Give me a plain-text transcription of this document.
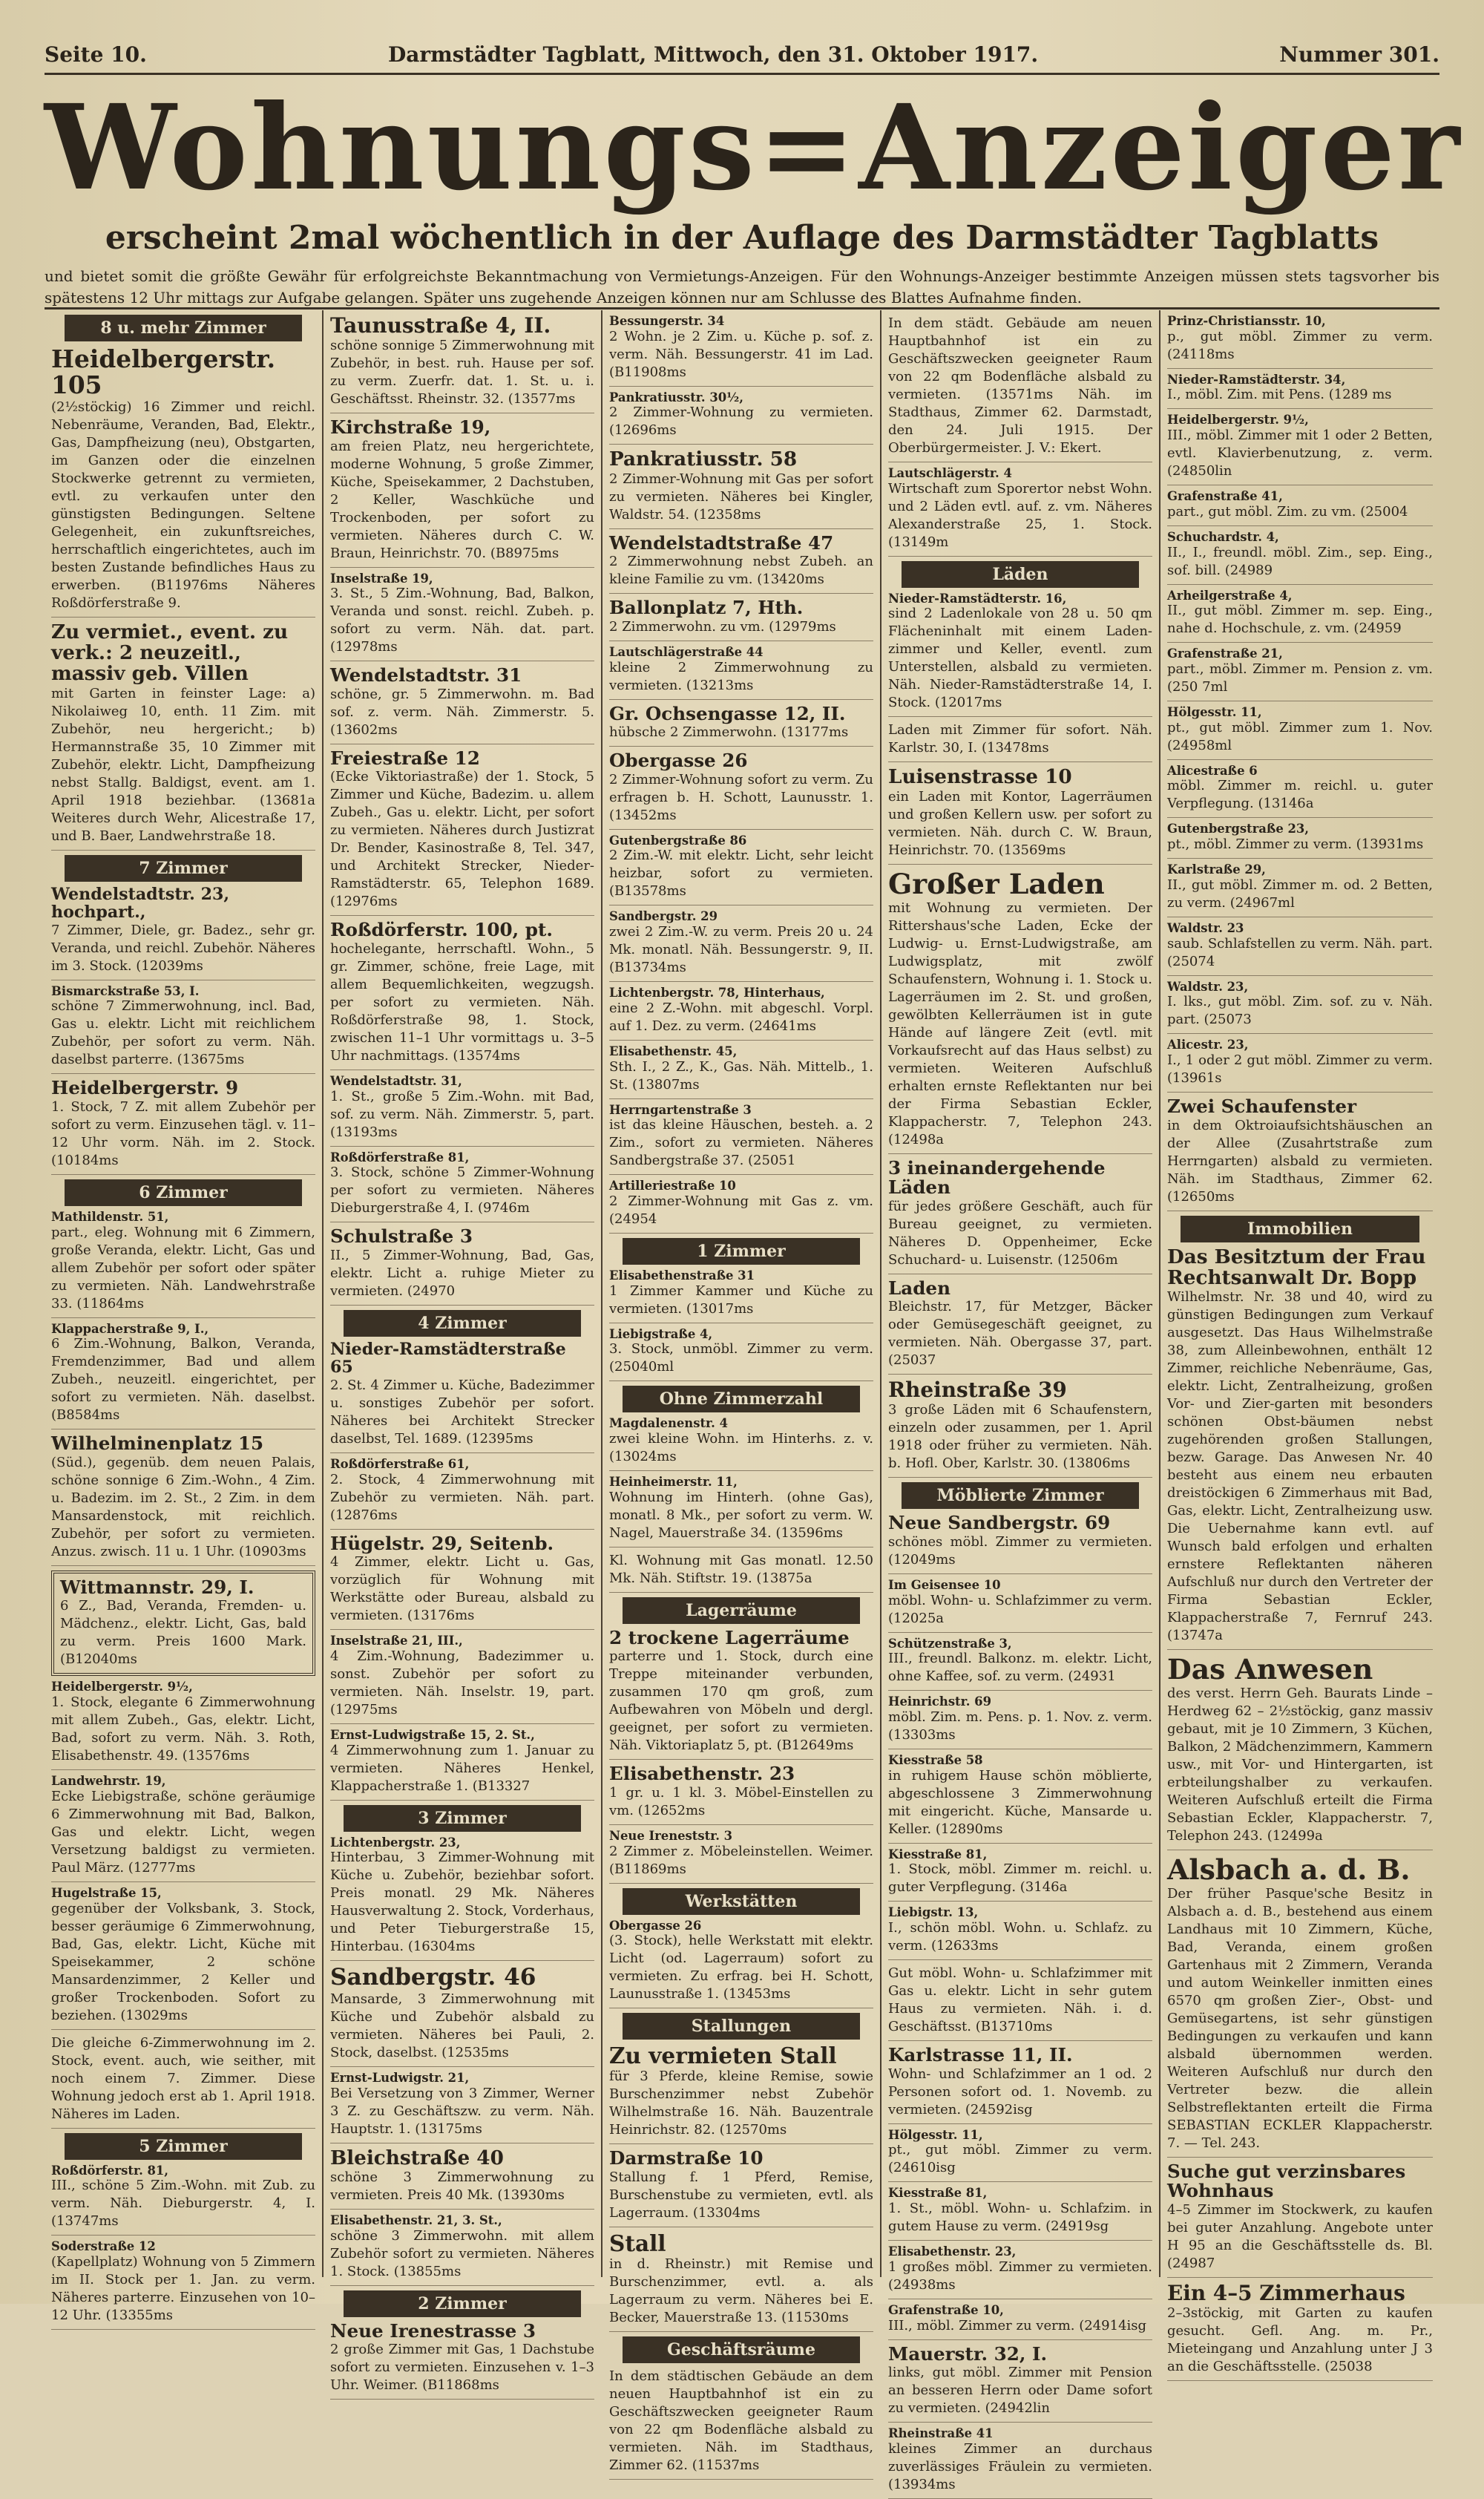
Seite 10.	Darmstädter Tagblatt, Mittwoch, den 31. Oktober 1917.	Nummer 301.
Wohnungs=Anzeiger
erscheint 2mal wöchentlich in der Auflage des Darmstädter Tagblatts
und bietet somit die größte Gewähr für erfolgreichste Bekanntmachung von Vermietungs-Anzeigen. Für den Wohnungs-Anzeiger bestimmte Anzeigen müssen stets tagsvorher bis spätestens 12 Uhr mittags zur Aufgabe gelangen. Später uns zugehende Anzeigen können nur am Schlusse des Blattes Aufnahme finden.
8 u. mehr Zimmer
Heidelbergerstr. 105
(2½stöckig) 16 Zimmer und reichl. Nebenräume, Veranden, Bad, Elektr., Gas, Dampfheizung (neu), Obstgarten, im Ganzen oder die einzelnen Stockwerke getrennt zu vermieten, evtl. zu verkaufen unter den günstigsten Bedingungen. Seltene Gelegenheit, ein zukunftsreiches, herrschaftlich eingerichtetes, auch im besten Zustande befindliches Haus zu erwerben. (B11976ms Näheres Roßdörferstraße 9.
Zu vermiet., event. zu verk.: 2 neuzeitl., massiv geb. Villen
mit Garten in feinster Lage: a) Nikolaiweg 10, enth. 11 Zim. mit Zubehör, neu hergericht.; b) Hermannstraße 35, 10 Zimmer mit Zubehör, elektr. Licht, Dampfheizung nebst Stallg. Baldigst, event. am 1. April 1918 beziehbar. (13681a Weiteres durch Wehr, Alicestraße 17, und B. Baer, Landwehrstraße 18.
7 Zimmer
Wendelstadtstr. 23, hochpart.,
7 Zimmer, Diele, gr. Badez., sehr gr. Veranda, und reichl. Zubehör. Näheres im 3. Stock. (12039ms
Bismarckstraße 53, I.
schöne 7 Zimmerwohnung, incl. Bad, Gas u. elektr. Licht mit reichlichem Zubehör, per sofort zu verm. Näh. daselbst parterre. (13675ms
Heidelbergerstr. 9
1. Stock, 7 Z. mit allem Zubehör per sofort zu verm. Einzusehen tägl. v. 11–12 Uhr vorm. Näh. im 2. Stock. (10184ms
6 Zimmer
Mathildenstr. 51,
part., eleg. Wohnung mit 6 Zimmern, große Veranda, elektr. Licht, Gas und allem Zubehör per sofort oder später zu vermieten. Näh. Landwehrstraße 33. (11864ms
Klappacherstraße 9, I.,
6 Zim.-Wohnung, Balkon, Veranda, Fremdenzimmer, Bad und allem Zubeh., neuzeitl. eingerichtet, per sofort zu vermieten. Näh. daselbst. (B8584ms
Wilhelminenplatz 15
(Süd.), gegenüb. dem neuen Palais, schöne sonnige 6 Zim.-Wohn., 4 Zim. u. Badezim. im 2. St., 2 Zim. in dem Mansardenstock, mit reichlich. Zubehör, per sofort zu vermieten. Anzus. zwisch. 11 u. 1 Uhr. (10903ms
Wittmannstr. 29, I.
6 Z., Bad, Veranda, Fremden- u. Mädchenz., elektr. Licht, Gas, bald zu verm. Preis 1600 Mark. (B12040ms
Heidelbergerstr. 9½,
1. Stock, elegante 6 Zimmerwohnung mit allem Zubeh., Gas, elektr. Licht, Bad, sofort zu verm. Näh. 3. Roth, Elisabethenstr. 49. (13576ms
Landwehrstr. 19,
Ecke Liebigstraße, schöne geräumige 6 Zimmerwohnung mit Bad, Balkon, Gas und elektr. Licht, wegen Versetzung baldigst zu vermieten. Paul März. (12777ms
Hugelstraße 15,
gegenüber der Volksbank, 3. Stock, besser geräumige 6 Zimmerwohnung, Bad, Gas, elektr. Licht, Küche mit Speisekammer, 2 schöne Mansardenzimmer, 2 Keller und großer Trockenboden. Sofort zu beziehen. (13029ms
Die gleiche 6-Zimmerwohnung im 2. Stock, event. auch, wie seither, mit noch einem 7. Zimmer. Diese Wohnung jedoch erst ab 1. April 1918. Näheres im Laden.
5 Zimmer
Roßdörferstr. 81,
III., schöne 5 Zim.-Wohn. mit Zub. zu verm. Näh. Dieburgerstr. 4, I. (13747ms
Soderstraße 12
(Kapellplatz) Wohnung von 5 Zimmern im II. Stock per 1. Jan. zu verm. Näheres parterre. Einzusehen von 10–12 Uhr. (13355ms
Taunusstraße 4, II.
schöne sonnige 5 Zimmerwohnung mit Zubehör, in best. ruh. Hause per sof. zu verm. Zuerfr. dat. 1. St. u. i. Geschäftsst. Rheinstr. 32. (13577ms
Kirchstraße 19,
am freien Platz, neu hergerichtete, moderne Wohnung, 5 große Zimmer, Küche, Speisekammer, 2 Dachstuben, 2 Keller, Waschküche und Trockenboden, per sofort zu vermieten. Näheres durch C. W. Braun, Heinrichstr. 70. (B8975ms
Inselstraße 19,
3. St., 5 Zim.-Wohnung, Bad, Balkon, Veranda und sonst. reichl. Zubeh. p. sofort zu verm. Näh. dat. part. (12978ms
Wendelstadtstr. 31
schöne, gr. 5 Zimmerwohn. m. Bad sof. z. verm. Näh. Zimmerstr. 5. (13602ms
Freiestraße 12
(Ecke Viktoriastraße) der 1. Stock, 5 Zimmer und Küche, Badezim. u. allem Zubeh., Gas u. elektr. Licht, per sofort zu vermieten. Näheres durch Justizrat Dr. Bender, Kasinostraße 8, Tel. 347, und Architekt Strecker, Nieder-Ramstädterstr. 65, Telephon 1689. (12976ms
Roßdörferstr. 100, pt.
hochelegante, herrschaftl. Wohn., 5 gr. Zimmer, schöne, freie Lage, mit allem Bequemlichkeiten, wegzugsh. per sofort zu vermieten. Näh. Roßdörferstraße 98, 1. Stock, zwischen 11–1 Uhr vormittags u. 3–5 Uhr nachmittags. (13574ms
Wendelstadtstr. 31,
1. St., große 5 Zim.-Wohn. mit Bad, sof. zu verm. Näh. Zimmerstr. 5, part. (13193ms
Roßdörferstraße 81,
3. Stock, schöne 5 Zimmer-Wohnung per sofort zu vermieten. Näheres Dieburgerstraße 4, I. (9746m
Schulstraße 3
II., 5 Zimmer-Wohnung, Bad, Gas, elektr. Licht a. ruhige Mieter zu vermieten. (24970
4 Zimmer
Nieder-Ramstädterstraße 65
2. St. 4 Zimmer u. Küche, Badezimmer u. sonstiges Zubehör per sofort. Näheres bei Architekt Strecker daselbst, Tel. 1689. (12395ms
Roßdörferstraße 61,
2. Stock, 4 Zimmerwohnung mit Zubehör zu vermieten. Näh. part. (12876ms
Hügelstr. 29, Seitenb.
4 Zimmer, elektr. Licht u. Gas, vorzüglich für Wohnung mit Werkstätte oder Bureau, alsbald zu vermieten. (13176ms
Inselstraße 21, III.,
4 Zim.-Wohnung, Badezimmer u. sonst. Zubehör per sofort zu vermieten. Näh. Inselstr. 19, part. (12975ms
Ernst-Ludwigstraße 15, 2. St.,
4 Zimmerwohnung zum 1. Januar zu vermieten. Näheres Henkel, Klappacherstraße 1. (B13327
3 Zimmer
Lichtenbergstr. 23,
Hinterbau, 3 Zimmer-Wohnung mit Küche u. Zubehör, beziehbar sofort. Preis monatl. 29 Mk. Näheres Hausverwaltung 2. Stock, Vorderhaus, und Peter Tieburgerstraße 15, Hinterbau. (16304ms
Sandbergstr. 46
Mansarde, 3 Zimmerwohnung mit Küche und Zubehör alsbald zu vermieten. Näheres bei Pauli, 2. Stock, daselbst. (12535ms
Ernst-Ludwigstr. 21,
Bei Versetzung von 3 Zimmer, Werner 3 Z. zu Geschäftszw. zu verm. Näh. Hauptstr. 1. (13175ms
Bleichstraße 40
schöne 3 Zimmerwohnung zu vermieten. Preis 40 Mk. (13930ms
Elisabethenstr. 21, 3. St.,
schöne 3 Zimmerwohn. mit allem Zubehör sofort zu vermieten. Näheres 1. Stock. (13855ms
2 Zimmer
Neue Irenestrasse 3
2 große Zimmer mit Gas, 1 Dachstube sofort zu vermieten. Einzusehen v. 1–3 Uhr. Weimer. (B11868ms
Bessungerstr. 34
2 Wohn. je 2 Zim. u. Küche p. sof. z. verm. Näh. Bessungerstr. 41 im Lad. (B11908ms
Pankratiusstr. 30½,
2 Zimmer-Wohnung zu vermieten. (12696ms
Pankratiusstr. 58
2 Zimmer-Wohnung mit Gas per sofort zu vermieten. Näheres bei Kingler, Waldstr. 54. (12358ms
Wendelstadtstraße 47
2 Zimmerwohnung nebst Zubeh. an kleine Familie zu vm. (13420ms
Ballonplatz 7, Hth.
2 Zimmerwohn. zu vm. (12979ms
Lautschlägerstraße 44
kleine 2 Zimmerwohnung zu vermieten. (13213ms
Gr. Ochsengasse 12, II.
hübsche 2 Zimmerwohn. (13177ms
Obergasse 26
2 Zimmer-Wohnung sofort zu verm. Zu erfragen b. H. Schott, Launusstr. 1. (13452ms
Gutenbergstraße 86
2 Zim.-W. mit elektr. Licht, sehr leicht heizbar, sofort zu vermieten. (B13578ms
Sandbergstr. 29
zwei 2 Zim.-W. zu verm. Preis 20 u. 24 Mk. monatl. Näh. Bessungerstr. 9, II. (B13734ms
Lichtenbergstr. 78, Hinterhaus,
eine 2 Z.-Wohn. mit abgeschl. Vorpl. auf 1. Dez. zu verm. (24641ms
Elisabethenstr. 45,
Sth. I., 2 Z., K., Gas. Näh. Mittelb., 1. St. (13807ms
Herrngartenstraße 3
ist das kleine Häuschen, besteh. a. 2 Zim., sofort zu vermieten. Näheres Sandbergstraße 37. (25051
Artilleriestraße 10
2 Zimmer-Wohnung mit Gas z. vm. (24954
1 Zimmer
Elisabethenstraße 31
1 Zimmer Kammer und Küche zu vermieten. (13017ms
Liebigstraße 4,
3. Stock, unmöbl. Zimmer zu verm. (25040ml
Ohne Zimmerzahl
Magdalenenstr. 4
zwei kleine Wohn. im Hinterhs. z. v. (13024ms
Heinheimerstr. 11,
Wohnung im Hinterh. (ohne Gas), monatl. 8 Mk., per sofort zu verm. W. Nagel, Mauerstraße 34. (13596ms
Kl. Wohnung mit Gas monatl. 12.50 Mk. Näh. Stiftstr. 19. (13875a
Lagerräume
2 trockene Lagerräume
parterre und 1. Stock, durch eine Treppe miteinander verbunden, zusammen 170 qm groß, zum Aufbewahren von Möbeln und dergl. geeignet, per sofort zu vermieten. Näh. Viktoriaplatz 5, pt. (B12649ms
Elisabethenstr. 23
1 gr. u. 1 kl. 3. Möbel-Einstellen zu vm. (12652ms
Neue Ireneststr. 3
2 Zimmer z. Möbeleinstellen. Weimer. (B11869ms
Werkstätten
Obergasse 26
(3. Stock), helle Werkstatt mit elektr. Licht (od. Lagerraum) sofort zu vermieten. Zu erfrag. bei H. Schott, Launusstraße 1. (13453ms
Stallungen
Zu vermieten Stall
für 3 Pferde, kleine Remise, sowie Burschenzimmer nebst Zubehör Wilhelmstraße 16. Näh. Bauzentrale Heinrichstr. 82. (12570ms
Darmstraße 10
Stallung f. 1 Pferd, Remise, Burschenstube zu vermieten, evtl. als Lagerraum. (13304ms
Stall
in d. Rheinstr.) mit Remise und Burschenzimmer, evtl. a. als Lagerraum zu verm. Näheres bei E. Becker, Mauerstraße 13. (11530ms
Geschäftsräume
In dem städtischen Gebäude an dem neuen Hauptbahnhof ist ein zu Geschäftszwecken geeigneter Raum von 22 qm Bodenfläche alsbald zu vermieten. Näh. im Stadthaus, Zimmer 62. (11537ms
In dem städt. Gebäude am neuen Hauptbahnhof ist ein zu Geschäftszwecken geeigneter Raum von 22 qm Bodenfläche alsbald zu vermieten. (13571ms Näh. im Stadthaus, Zimmer 62. Darmstadt, den 24. Juli 1915. Der Oberbürgermeister. J. V.: Ekert.
Lautschlägerstr. 4
Wirtschaft zum Sporertor nebst Wohn. und 2 Läden evtl. auf. z. vm. Näheres Alexanderstraße 25, 1. Stock. (13149m
Läden
Nieder-Ramstädterstr. 16,
sind 2 Ladenlokale von 28 u. 50 qm Flächeninhalt mit einem Laden-zimmer und Keller, eventl. zum Unterstellen, alsbald zu vermieten. Näh. Nieder-Ramstädterstraße 14, I. Stock. (12017ms
Laden mit Zimmer für sofort. Näh. Karlstr. 30, I. (13478ms
Luisenstrasse 10
ein Laden mit Kontor, Lagerräumen und großen Kellern usw. per sofort zu vermieten. Näh. durch C. W. Braun, Heinrichstr. 70. (13569ms
Großer Laden
mit Wohnung zu vermieten. Der Rittershaus'sche Laden, Ecke der Ludwig- u. Ernst-Ludwigstraße, am Ludwigsplatz, mit zwölf Schaufenstern, Wohnung i. 1. Stock u. Lagerräumen im 2. St. und großen, gewölbten Kellerräumen ist in gute Hände auf längere Zeit (evtl. mit Vorkaufsrecht auf das Haus selbst) zu vermieten. Weiteren Aufschluß erhalten ernste Reflektanten nur bei der Firma Sebastian Eckler, Klappacherstr. 7, Telephon 243. (12498a
3 ineinandergehende Läden
für jedes größere Geschäft, auch für Bureau geeignet, zu vermieten. Näheres D. Oppenheimer, Ecke Schuchard- u. Luisenstr. (12506m
Laden
Bleichstr. 17, für Metzger, Bäcker oder Gemüsegeschäft geeignet, zu vermieten. Näh. Obergasse 37, part. (25037
Rheinstraße 39
3 große Läden mit 6 Schaufenstern, einzeln oder zusammen, per 1. April 1918 oder früher zu vermieten. Näh. b. Hofl. Ober, Karlstr. 30. (13806ms
Möblierte Zimmer
Neue Sandbergstr. 69
schönes möbl. Zimmer zu vermieten. (12049ms
Im Geisensee 10
möbl. Wohn- u. Schlafzimmer zu verm. (12025a
Schützenstraße 3,
III., freundl. Balkonz. m. elektr. Licht, ohne Kaffee, sof. zu verm. (24931
Heinrichstr. 69
möbl. Zim. m. Pens. p. 1. Nov. z. verm. (13303ms
Kiesstraße 58
in ruhigem Hause schön möblierte, abgeschlossene 3 Zimmerwohnung mit eingericht. Küche, Mansarde u. Keller. (12890ms
Kiesstraße 81,
1. Stock, möbl. Zimmer m. reichl. u. guter Verpflegung. (3146a
Liebigstr. 13,
I., schön möbl. Wohn. u. Schlafz. zu verm. (12633ms
Gut möbl. Wohn- u. Schlafzimmer mit Gas u. elektr. Licht in sehr gutem Haus zu vermieten. Näh. i. d. Geschäftsst. (B13710ms
Karlstrasse 11, II.
Wohn- und Schlafzimmer an 1 od. 2 Personen sofort od. 1. Novemb. zu vermieten. (24592isg
Hölgesstr. 11,
pt., gut möbl. Zimmer zu verm. (24610isg
Kiesstraße 81,
1. St., möbl. Wohn- u. Schlafzim. in gutem Hause zu verm. (24919sg
Elisabethenstr. 23,
1 großes möbl. Zimmer zu vermieten. (24938ms
Grafenstraße 10,
III., möbl. Zimmer zu verm. (24914isg
Mauerstr. 32, I.
links, gut möbl. Zimmer mit Pension an besseren Herrn oder Dame sofort zu vermieten. (24942lin
Rheinstraße 41
kleines Zimmer an durchaus zuverlässiges Fräulein zu vermieten. (13934ms
Prinz-Christiansstr. 10,
p., gut möbl. Zimmer zu verm. (24118ms
Nieder-Ramstädterstr. 34,
I., möbl. Zim. mit Pens. (1289 ms
Heidelbergerstr. 9½,
III., möbl. Zimmer mit 1 oder 2 Betten, evtl. Klavierbenutzung, z. verm. (24850lin
Grafenstraße 41,
part., gut möbl. Zim. zu vm. (25004
Schuchardstr. 4,
II., I., freundl. möbl. Zim., sep. Eing., sof. bill. (24989
Arheilgerstraße 4,
II., gut möbl. Zimmer m. sep. Eing., nahe d. Hochschule, z. vm. (24959
Grafenstraße 21,
part., möbl. Zimmer m. Pension z. vm. (250 7ml
Hölgesstr. 11,
pt., gut möbl. Zimmer zum 1. Nov. (24958ml
Alicestraße 6
möbl. Zimmer m. reichl. u. guter Verpflegung. (13146a
Gutenbergstraße 23,
pt., möbl. Zimmer zu verm. (13931ms
Karlstraße 29,
II., gut möbl. Zimmer m. od. 2 Betten, zu verm. (24967ml
Waldstr. 23
saub. Schlafstellen zu verm. Näh. part. (25074
Waldstr. 23,
I. lks., gut möbl. Zim. sof. zu v. Näh. part. (25073
Alicestr. 23,
I., 1 oder 2 gut möbl. Zimmer zu verm. (13961s
Zwei Schaufenster
in dem Oktroiaufsichtshäuschen an der Allee (Zusahrtstraße zum Herrngarten) alsbald zu vermieten. Näh. im Stadthaus, Zimmer 62. (12650ms
Immobilien
Das Besitztum der Frau Rechtsanwalt Dr. Bopp
Wilhelmstr. Nr. 38 und 40, wird zu günstigen Bedingungen zum Verkauf ausgesetzt. Das Haus Wilhelmstraße 38, zum Alleinbewohnen, enthält 12 Zimmer, reichliche Nebenräume, Gas, elektr. Licht, Zentralheizung, großen Vor- und Zier-garten mit besonders schönen Obst-bäumen nebst zugehörenden großen Stallungen, bezw. Garage. Das Anwesen Nr. 40 besteht aus einem neu erbauten dreistöckigen 6 Zimmerhaus mit Bad, Gas, elektr. Licht, Zentralheizung usw. Die Uebernahme kann evtl. auf Wunsch bald erfolgen und erhalten ernstere Reflektanten näheren Aufschluß nur durch den Vertreter der Firma Sebastian Eckler, Klappacherstraße 7, Fernruf 243. (13747a
Das Anwesen
des verst. Herrn Geh. Baurats Linde – Herdweg 62 – 2½stöckig, ganz massiv gebaut, mit je 10 Zimmern, 3 Küchen, Balkon, 2 Mädchenzimmern, Kammern usw., mit Vor- und Hintergarten, ist erbteilungshalber zu verkaufen. Weiteren Aufschluß erteilt die Firma Sebastian Eckler, Klappacherstr. 7, Telephon 243. (12499a
Alsbach a. d. B.
Der früher Pasque'sche Besitz in Alsbach a. d. B., bestehend aus einem Landhaus mit 10 Zimmern, Küche, Bad, Veranda, einem großen Gartenhaus mit 2 Zimmern, Veranda und autom Weinkeller inmitten eines 6570 qm großen Zier-, Obst- und Gemüsegartens, ist sehr günstigen Bedingungen zu verkaufen und kann alsbald übernommen werden. Weiteren Aufschluß nur durch den Vertreter bezw. die allein Selbstreflektanten erteilt die Firma SEBASTIAN ECKLER Klappacherstr. 7. — Tel. 243.
Suche gut verzinsbares Wohnhaus
4–5 Zimmer im Stockwerk, zu kaufen bei guter Anzahlung. Angebote unter H 95 an die Geschäftsstelle ds. Bl. (24987
Ein 4–5 Zimmerhaus
2–3stöckig, mit Garten zu kaufen gesucht. Gefl. Ang. m. Pr., Mieteingang und Anzahlung unter J 3 an die Geschäftsstelle. (25038
